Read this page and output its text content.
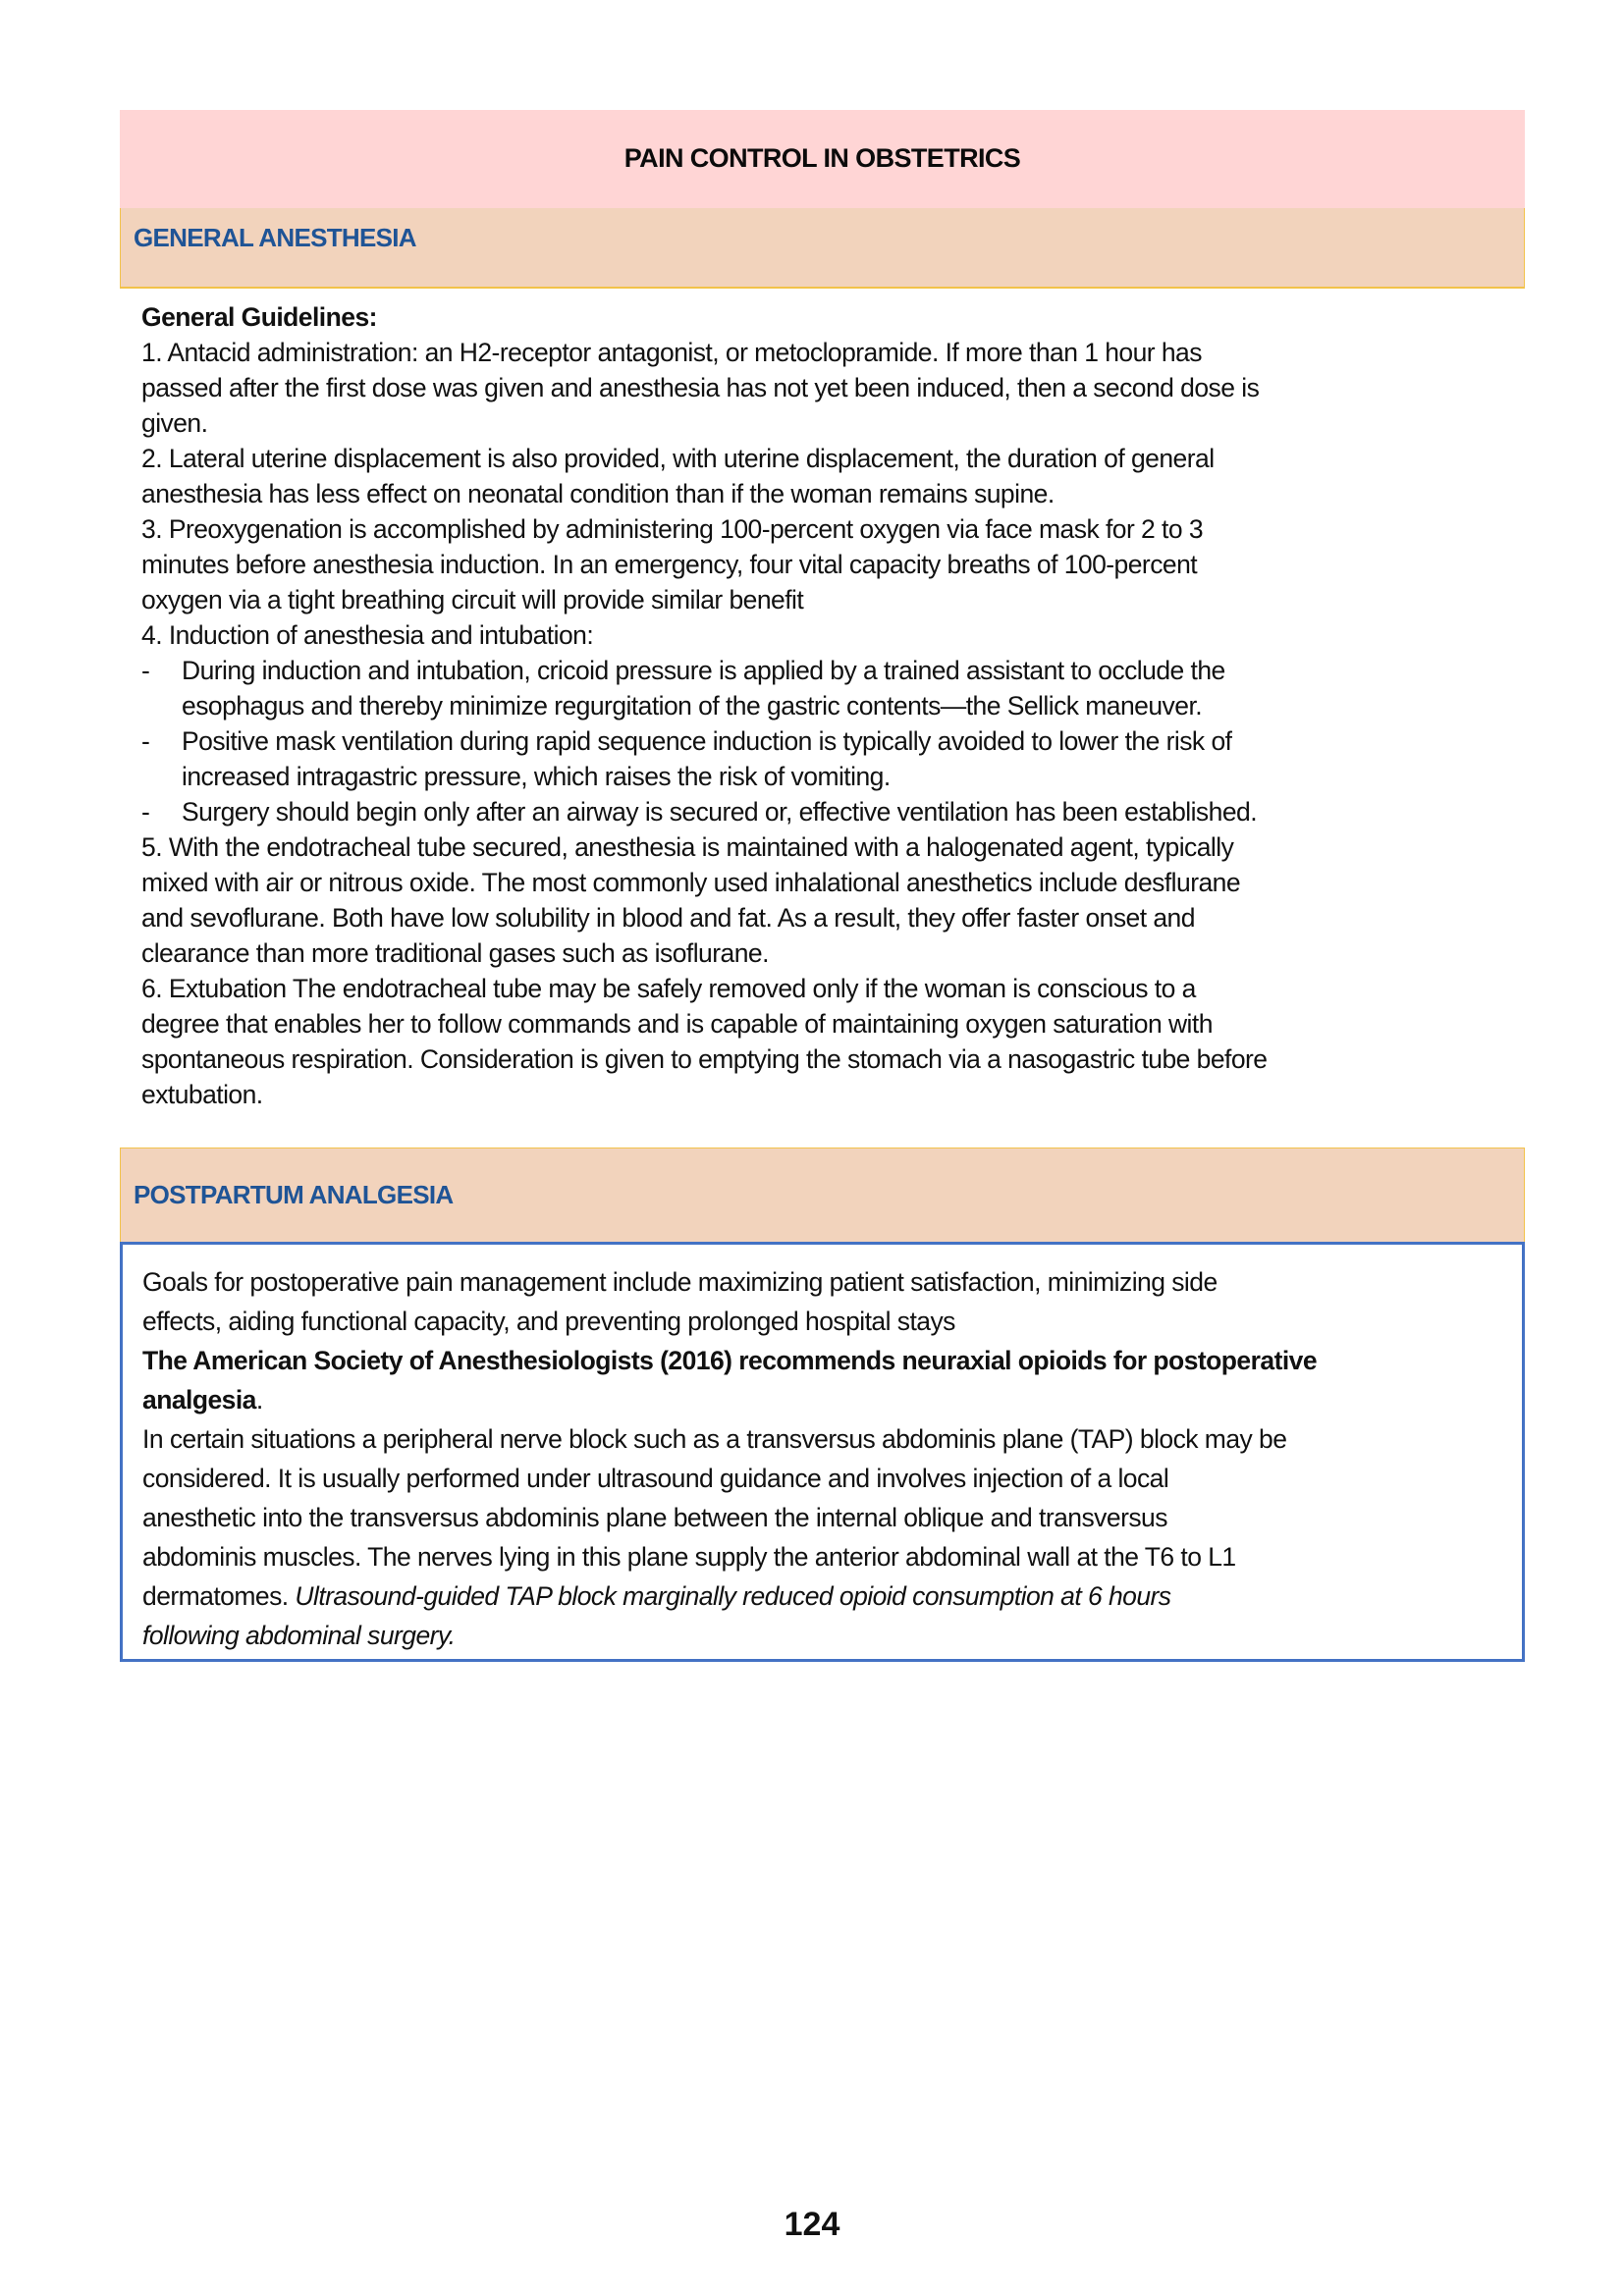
PAIN CONTROL IN OBSTETRICS
GENERAL ANESTHESIA
General Guidelines:
1. Antacid administration: an H2-receptor antagonist, or metoclopramide. If more than 1 hour has
passed after the first dose was given and anesthesia has not yet been induced, then a second dose is
given.
2. Lateral uterine displacement is also provided, with uterine displacement, the duration of general
anesthesia has less effect on neonatal condition than if the woman remains supine.
3. Preoxygenation is accomplished by administering 100-percent oxygen via face mask for 2 to 3
minutes before anesthesia induction. In an emergency, four vital capacity breaths of 100-percent
oxygen via a tight breathing circuit will provide similar benefit
4. Induction of anesthesia and intubation:
- During induction and intubation, cricoid pressure is applied by a trained assistant to occlude the
esophagus and thereby minimize regurgitation of the gastric contents—the Sellick maneuver.
- Positive mask ventilation during rapid sequence induction is typically avoided to lower the risk of
increased intragastric pressure, which raises the risk of vomiting.
- Surgery should begin only after an airway is secured or, effective ventilation has been established.
5. With the endotracheal tube secured, anesthesia is maintained with a halogenated agent, typically
mixed with air or nitrous oxide. The most commonly used inhalational anesthetics include desflurane
and sevoflurane. Both have low solubility in blood and fat. As a result, they offer faster onset and
clearance than more traditional gases such as isoflurane.
6. Extubation The endotracheal tube may be safely removed only if the woman is conscious to a
degree that enables her to follow commands and is capable of maintaining oxygen saturation with
spontaneous respiration. Consideration is given to emptying the stomach via a nasogastric tube before
extubation.
POSTPARTUM ANALGESIA
Goals for postoperative pain management include maximizing patient satisfaction, minimizing side
effects, aiding functional capacity, and preventing prolonged hospital stays
The American Society of Anesthesiologists (2016) recommends neuraxial opioids for postoperative
analgesia.
In certain situations a peripheral nerve block such as a transversus abdominis plane (TAP) block may be
considered. It is usually performed under ultrasound guidance and involves injection of a local
anesthetic into the transversus abdominis plane between the internal oblique and transversus
abdominis muscles. The nerves lying in this plane supply the anterior abdominal wall at the T6 to L1
dermatomes. Ultrasound-guided TAP block marginally reduced opioid consumption at 6 hours
following abdominal surgery.
124
